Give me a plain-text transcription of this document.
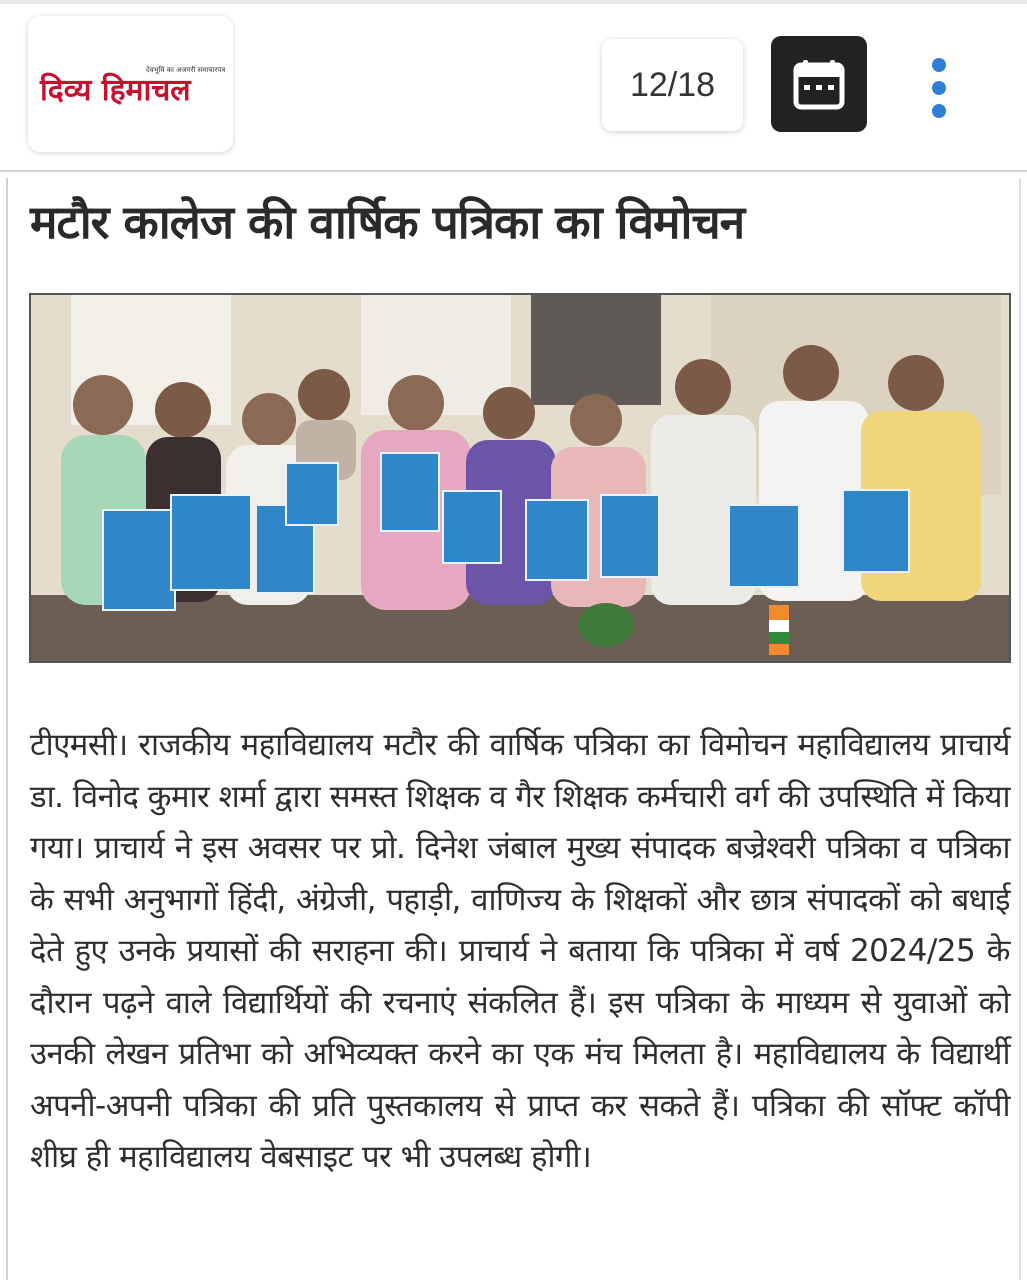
देवभूमि का अजगरी समाचारपत्र
दिव्य हिमाचल	12/18
मटौर कालेज की वार्षिक पत्रिका का विमोचन
टीएमसी। राजकीय महाविद्यालय मटौर की वार्षिक पत्रिका का विमोचन महाविद्यालय प्राचार्य डा. विनोद कुमार शर्मा द्वारा समस्त शिक्षक व गैर शिक्षक कर्मचारी वर्ग की उपस्थिति में किया गया। प्राचार्य ने इस अवसर पर प्रो. दिनेश जंबाल मुख्य संपादक बज्रेश्वरी पत्रिका व पत्रिका के सभी अनुभागों हिंदी, अंग्रेजी, पहाड़ी, वाणिज्य के शिक्षकों और छात्र संपादकों को बधाई देते हुए उनके प्रयासों की सराहना की। प्राचार्य ने बताया कि पत्रिका में वर्ष 2024/25 के दौरान पढ़ने वाले विद्यार्थियों की रचनाएं संकलित हैं। इस पत्रिका के माध्यम से युवाओं को उनकी लेखन प्रतिभा को अभिव्यक्त करने का एक मंच मिलता है। महाविद्यालय के विद्यार्थी अपनी-अपनी पत्रिका की प्रति पुस्तकालय से प्राप्त कर सकते हैं। पत्रिका की सॉफ्ट कॉपी शीघ्र ही महाविद्यालय वेबसाइट पर भी उपलब्ध होगी।
